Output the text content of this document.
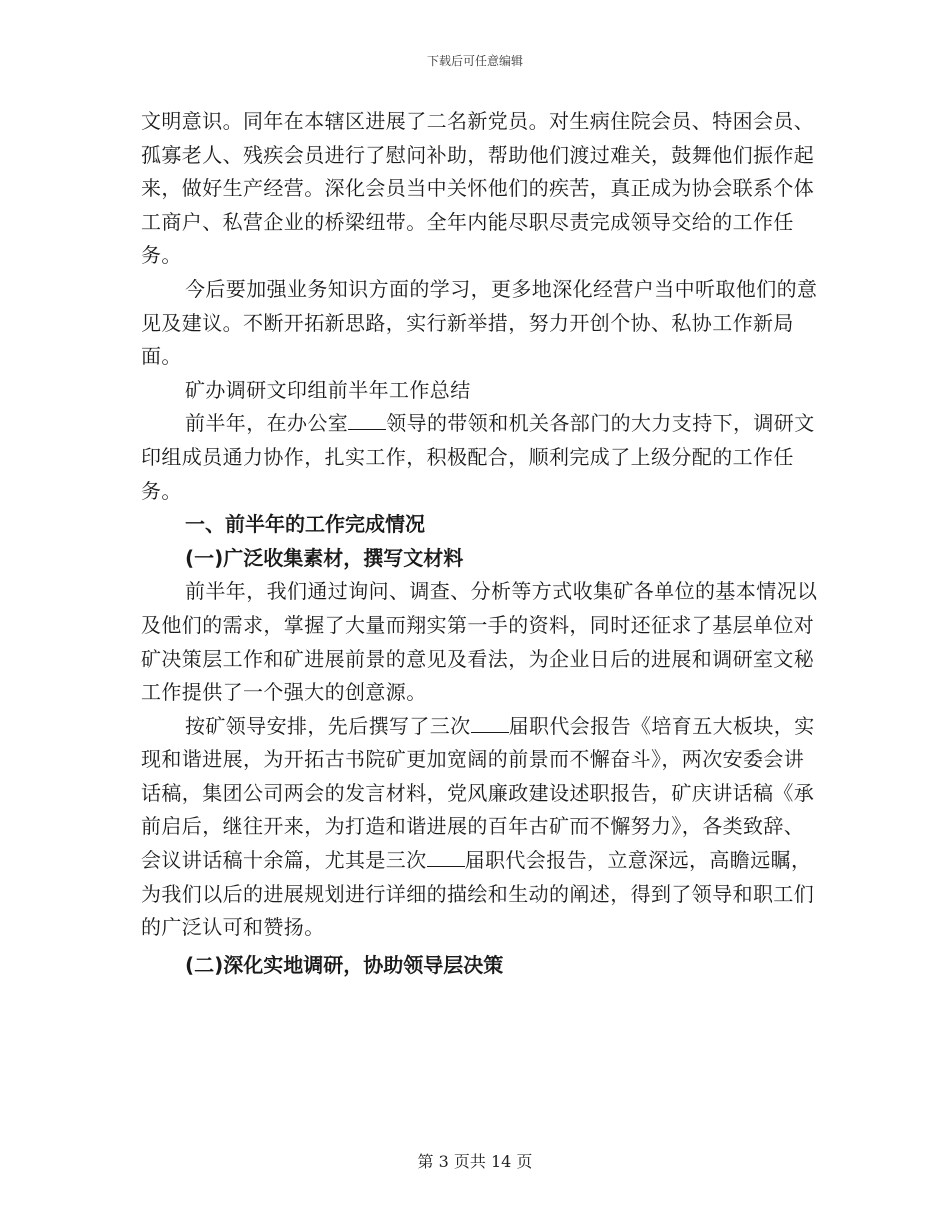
下载后可任意编辑

文明意识。同年在本辖区进展了二名新党员。对生病住院会员、特困会员、孤寡老人、残疾会员进行了慰问补助，帮助他们渡过难关，鼓舞他们振作起来，做好生产经营。深化会员当中关怀他们的疾苦，真正成为协会联系个体工商户、私营企业的桥梁纽带。全年内能尽职尽责完成领导交给的工作任务。

今后要加强业务知识方面的学习，更多地深化经营户当中听取他们的意见及建议。不断开拓新思路，实行新举措，努力开创个协、私协工作新局面。

矿办调研文印组前半年工作总结

前半年，在办公室 领导的带领和机关各部门的大力支持下，调研文印组成员通力协作，扎实工作，积极配合，顺利完成了上级分配的工作任务。

一、前半年的工作完成情况

(一)广泛收集素材，撰写文材料

前半年，我们通过询问、调查、分析等方式收集矿各单位的基本情况以及他们的需求，掌握了大量而翔实第一手的资料，同时还征求了基层单位对矿决策层工作和矿进展前景的意见及看法，为企业日后的进展和调研室文秘工作提供了一个强大的创意源。

按矿领导安排，先后撰写了三次 届职代会报告《培育五大板块，实现和谐进展，为开拓古书院矿更加宽阔的前景而不懈奋斗》，两次安委会讲话稿，集团公司两会的发言材料，党风廉政建设述职报告，矿庆讲话稿《承前启后，继往开来，为打造和谐进展的百年古矿而不懈努力》，各类致辞、会议讲话稿十余篇，尤其是三次 届职代会报告，立意深远，高瞻远瞩，为我们以后的进展规划进行详细的描绘和生动的阐述，得到了领导和职工们的广泛认可和赞扬。

(二)深化实地调研，协助领导层决策

第 3 页共 14 页
